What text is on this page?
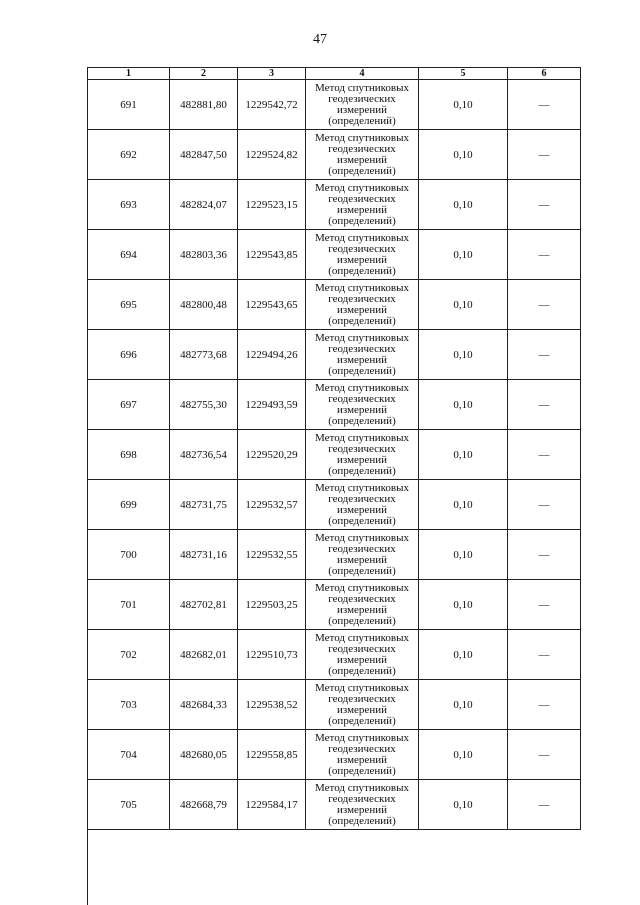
47
1	2	3	4	5	6
691	482881,80	1229542,72	Метод спутниковых
геодезических
измерений
(определений)	0,10	—
692	482847,50	1229524,82	Метод спутниковых
геодезических
измерений
(определений)	0,10	—
693	482824,07	1229523,15	Метод спутниковых
геодезических
измерений
(определений)	0,10	—
694	482803,36	1229543,85	Метод спутниковых
геодезических
измерений
(определений)	0,10	—
695	482800,48	1229543,65	Метод спутниковых
геодезических
измерений
(определений)	0,10	—
696	482773,68	1229494,26	Метод спутниковых
геодезических
измерений
(определений)	0,10	—
697	482755,30	1229493,59	Метод спутниковых
геодезических
измерений
(определений)	0,10	—
698	482736,54	1229520,29	Метод спутниковых
геодезических
измерений
(определений)	0,10	—
699	482731,75	1229532,57	Метод спутниковых
геодезических
измерений
(определений)	0,10	—
700	482731,16	1229532,55	Метод спутниковых
геодезических
измерений
(определений)	0,10	—
701	482702,81	1229503,25	Метод спутниковых
геодезических
измерений
(определений)	0,10	—
702	482682,01	1229510,73	Метод спутниковых
геодезических
измерений
(определений)	0,10	—
703	482684,33	1229538,52	Метод спутниковых
геодезических
измерений
(определений)	0,10	—
704	482680,05	1229558,85	Метод спутниковых
геодезических
измерений
(определений)	0,10	—
705	482668,79	1229584,17	Метод спутниковых
геодезических
измерений
(определений)	0,10	—
